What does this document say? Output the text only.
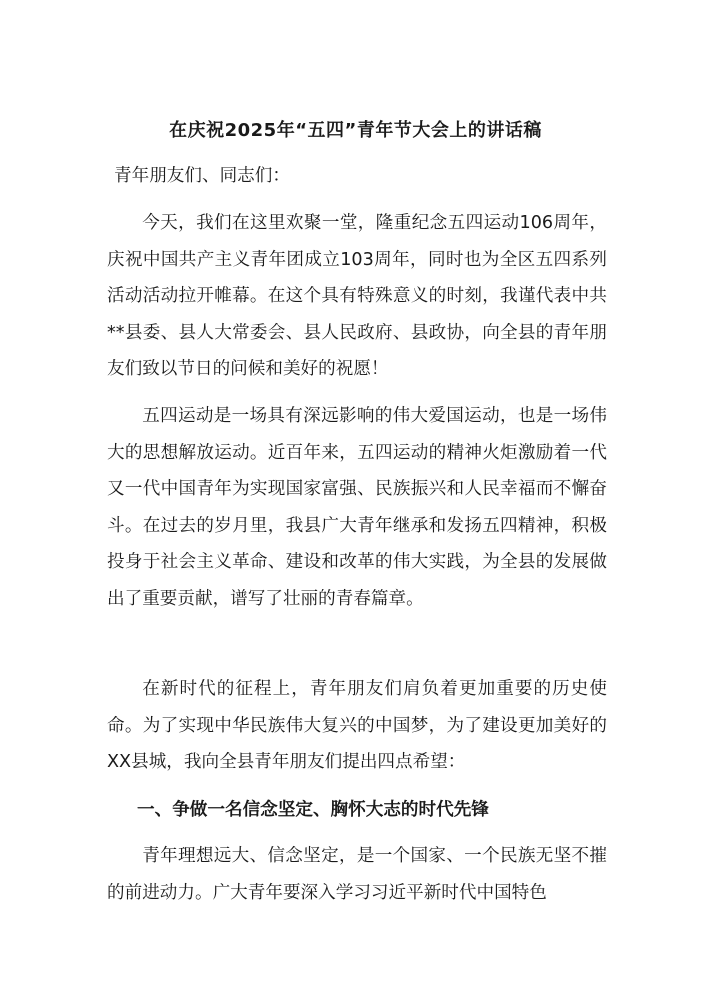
在庆祝2025年“五四”青年节大会上的讲话稿
青年朋友们、同志们：
今天，我们在这里欢聚一堂，隆重纪念五四运动106周年，庆祝中国共产主义青年团成立103周年，同时也为全区五四系列活动活动拉开帷幕。在这个具有特殊意义的时刻，我谨代表中共**县委、县人大常委会、县人民政府、县政协，向全县的青年朋友们致以节日的问候和美好的祝愿！
五四运动是一场具有深远影响的伟大爱国运动，也是一场伟大的思想解放运动。近百年来，五四运动的精神火炬激励着一代又一代中国青年为实现国家富强、民族振兴和人民幸福而不懈奋斗。在过去的岁月里，我县广大青年继承和发扬五四精神，积极投身于社会主义革命、建设和改革的伟大实践，为全县的发展做出了重要贡献，谱写了壮丽的青春篇章。
在新时代的征程上，青年朋友们肩负着更加重要的历史使命。为了实现中华民族伟大复兴的中国梦，为了建设更加美好的XX县城，我向全县青年朋友们提出四点希望：
一、争做一名信念坚定、胸怀大志的时代先锋
青年理想远大、信念坚定，是一个国家、一个民族无坚不摧的前进动力。广大青年要深入学习习近平新时代中国特色
